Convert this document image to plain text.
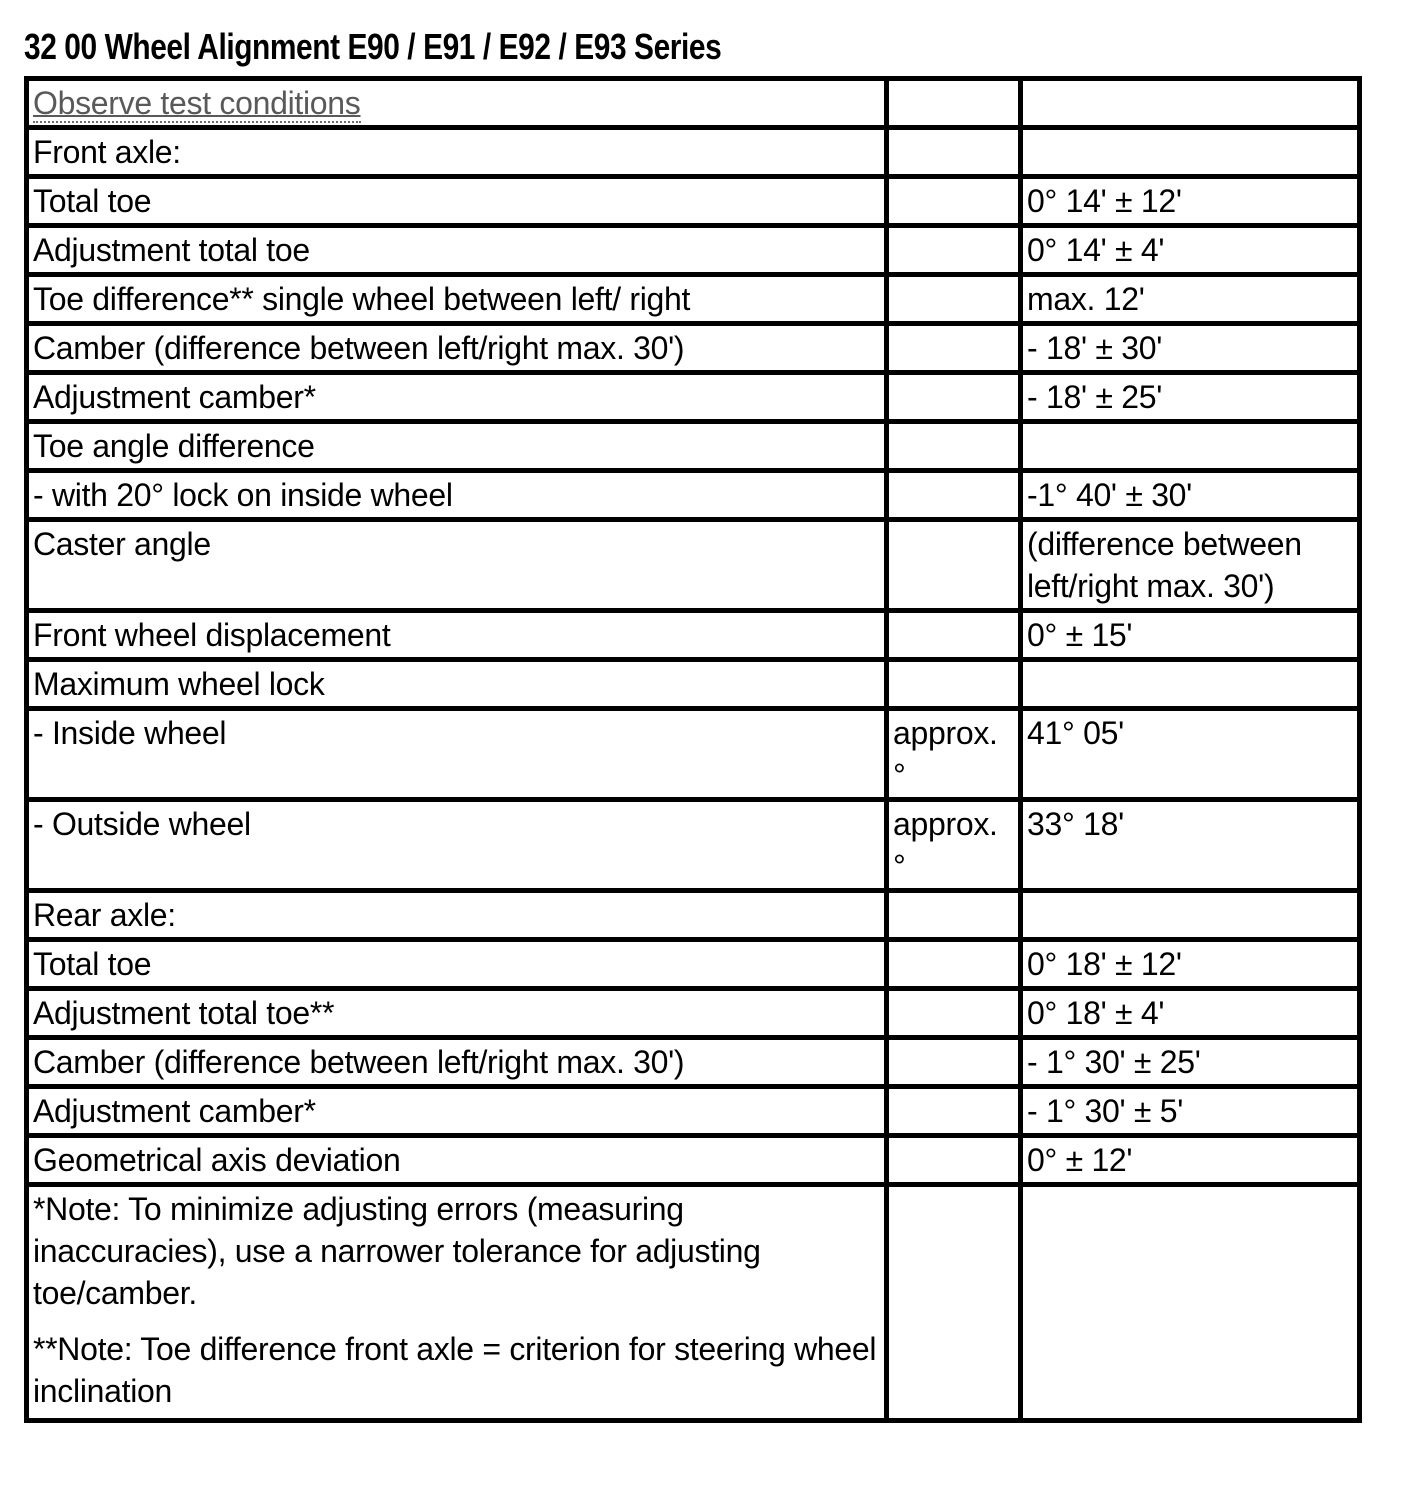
32 00 Wheel Alignment E90 / E91 / E92 / E93 Series
Observe test conditions		
Front axle:		
Total toe		0° 14' ± 12'
Adjustment total toe		0° 14' ± 4'
Toe difference** single wheel between left/ right		max. 12'
Camber (difference between left/right max. 30')		- 18' ± 30'
Adjustment camber*		- 18' ± 25'
Toe angle difference		
- with 20° lock on inside wheel		-1° 40' ± 30'
Caster angle		(difference between left/right max. 30')
Front wheel displacement		0° ± 15'
Maximum wheel lock		
- Inside wheel	approx. °	41° 05'
- Outside wheel	approx. °	33° 18'
Rear axle:		
Total toe		0° 18' ± 12'
Adjustment total toe**		0° 18' ± 4'
Camber (difference between left/right max. 30')		- 1° 30' ± 25'
Adjustment camber*		- 1° 30' ± 5'
Geometrical axis deviation		0° ± 12'

*Note: To minimize adjusting errors (measuring inaccuracies), use a narrower tolerance for adjusting toe/camber.

**Note: Toe difference front axle = criterion for steering wheel inclination		
